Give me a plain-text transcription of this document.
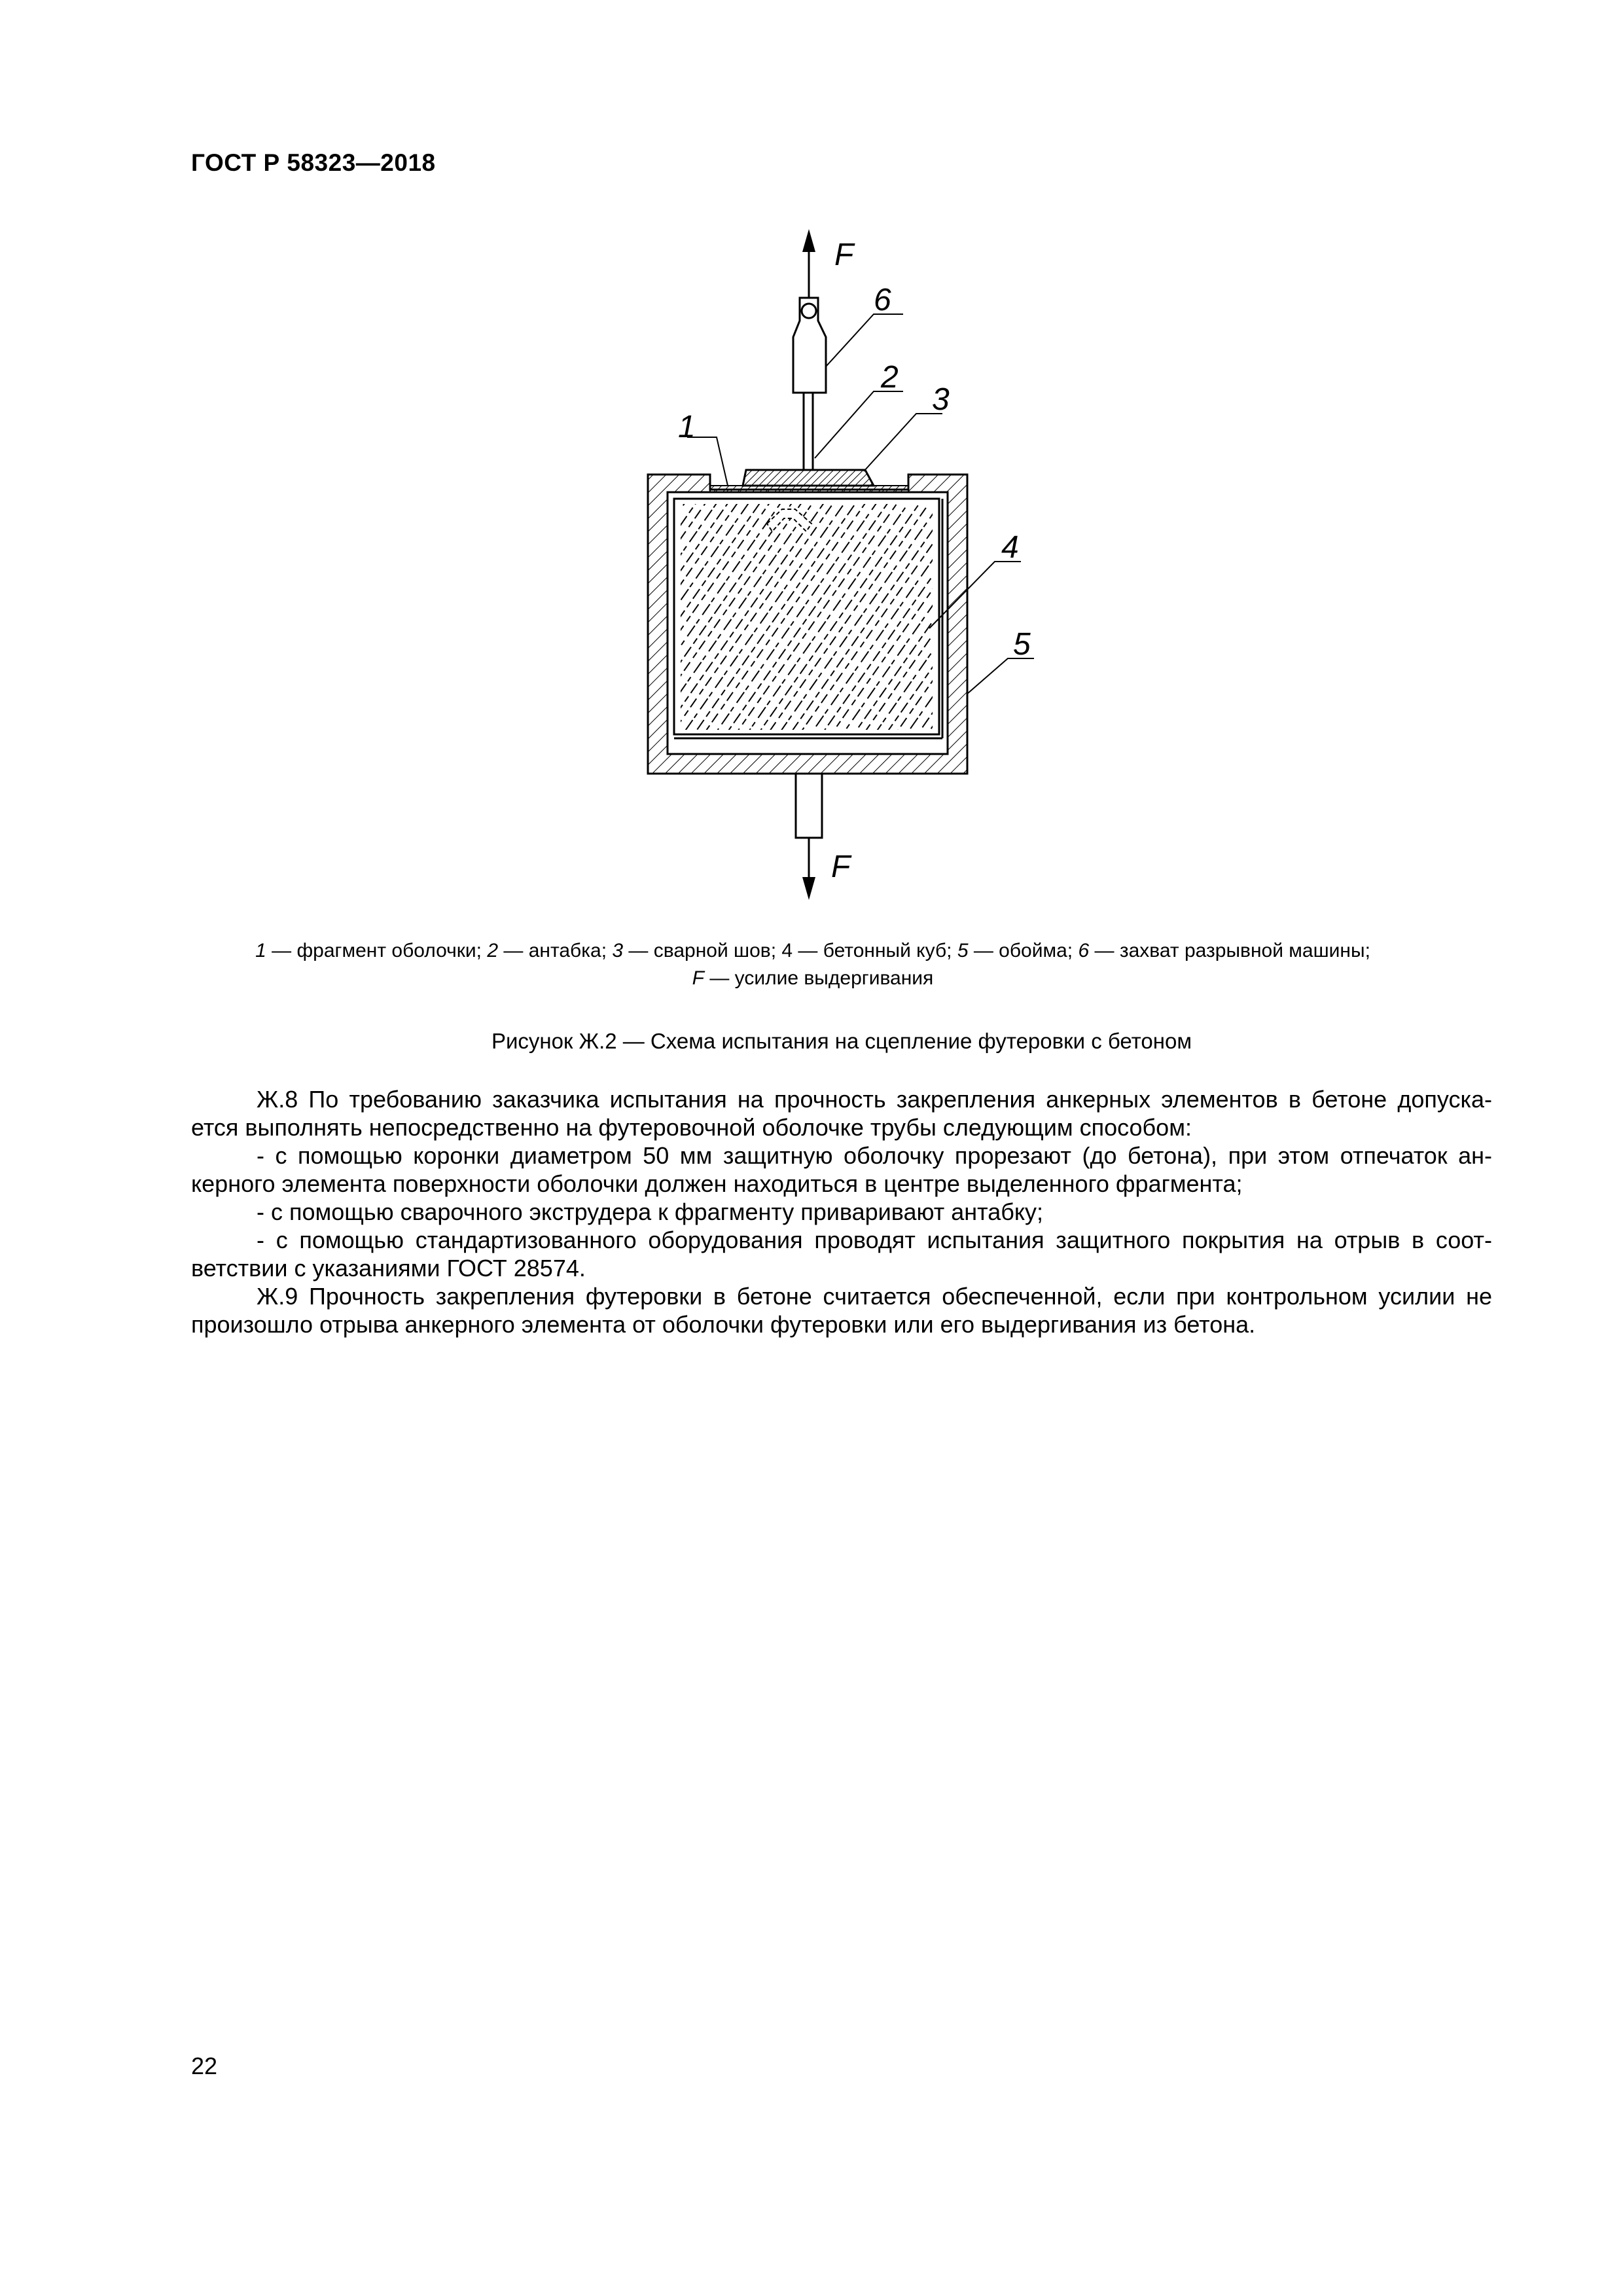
ГОСТ Р 58323—2018
F
F
1
2
3
4
5
6
1 — фрагмент оболочки; 2 — антабка; 3 — сварной шов; 4 — бетонный куб; 5 — обойма; 6 — захват разрывной машины;
F — усилие выдергивания
Рисунок Ж.2 — Схема испытания на сцепление футеровки с бетоном

Ж.8 По требованию заказчика испытания на прочность закрепления анкерных элементов в бетоне допуска-

ется выполнять непосредственно на футеровочной оболочке трубы следующим способом:

- с помощью коронки диаметром 50 мм защитную оболочку прорезают (до бетона), при этом отпечаток ан-

керного элемента поверхности оболочки должен находиться в центре выделенного фрагмента;

- с помощью сварочного экструдера к фрагменту приваривают антабку;

- с помощью стандартизованного оборудования проводят испытания защитного покрытия на отрыв в соот-

ветствии с указаниями ГОСТ 28574.

Ж.9 Прочность закрепления футеровки в бетоне считается обеспеченной, если при контрольном усилии не

произошло отрыва анкерного элемента от оболочки футеровки или его выдергивания из бетона.

22
